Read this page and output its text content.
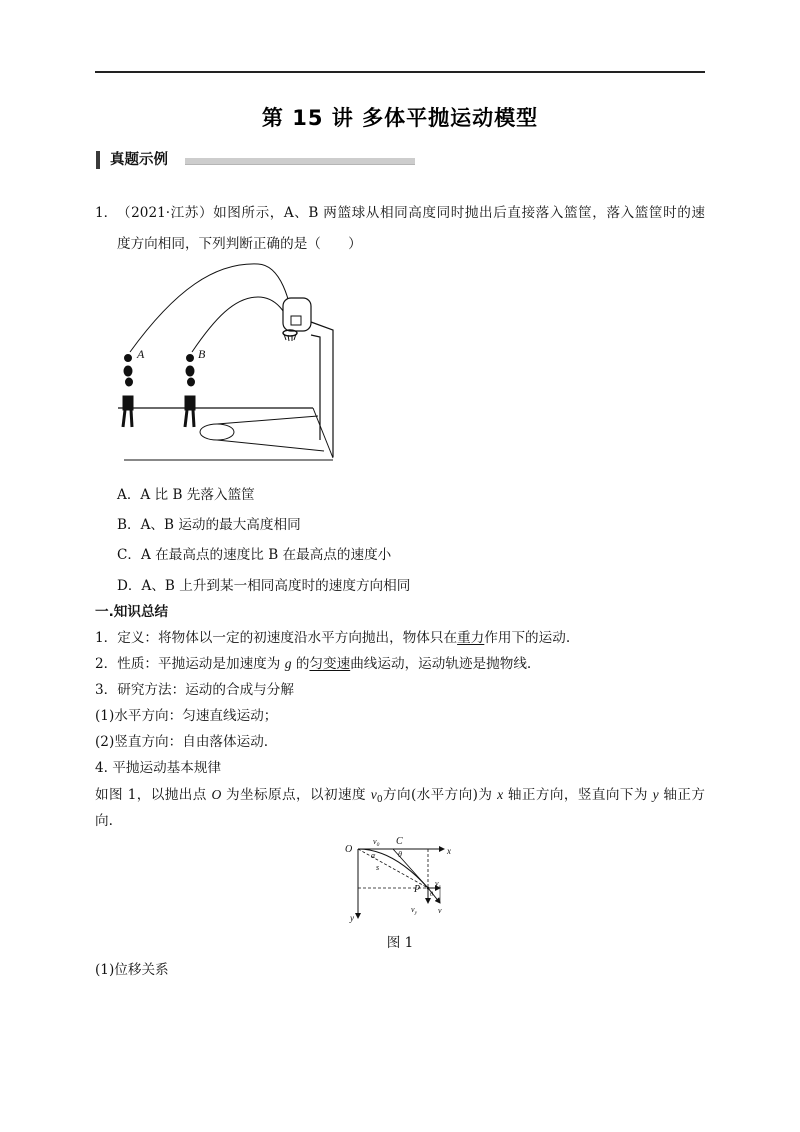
第 15 讲 多体平抛运动模型
真题示例
1． （2021·江苏）如图所示，A、B 两篮球从相同高度同时抛出后直接落入篮筐，落入篮筐时的速
度方向相同，下列判断正确的是（　　）
A	B
A．A 比 B 先落入篮筐
B．A、B 运动的最大高度相同
C．A 在最高点的速度比 B 在最高点的速度小
D．A、B 上升到某一相同高度时的速度方向相同
一.知识总结
1．定义：将物体以一定的初速度沿水平方向抛出，物体只在重力作用下的运动.
2．性质：平抛运动是加速度为 g 的匀变速曲线运动，运动轨迹是抛物线.
3．研究方法：运动的合成与分解
(1)水平方向：匀速直线运动；
(2)竖直方向：自由落体运动.
4. 平抛运动基本规律
如图 1，以抛出点 O 为坐标原点，以初速度 $v_0$方向(水平方向)为 x 轴正方向，竖直向下为 y 轴正方
向.
O	x
y
$v_0$ C
θ
α
s
P
$v_x$
$v_y$	v
θ
图 1
(1)位移关系
